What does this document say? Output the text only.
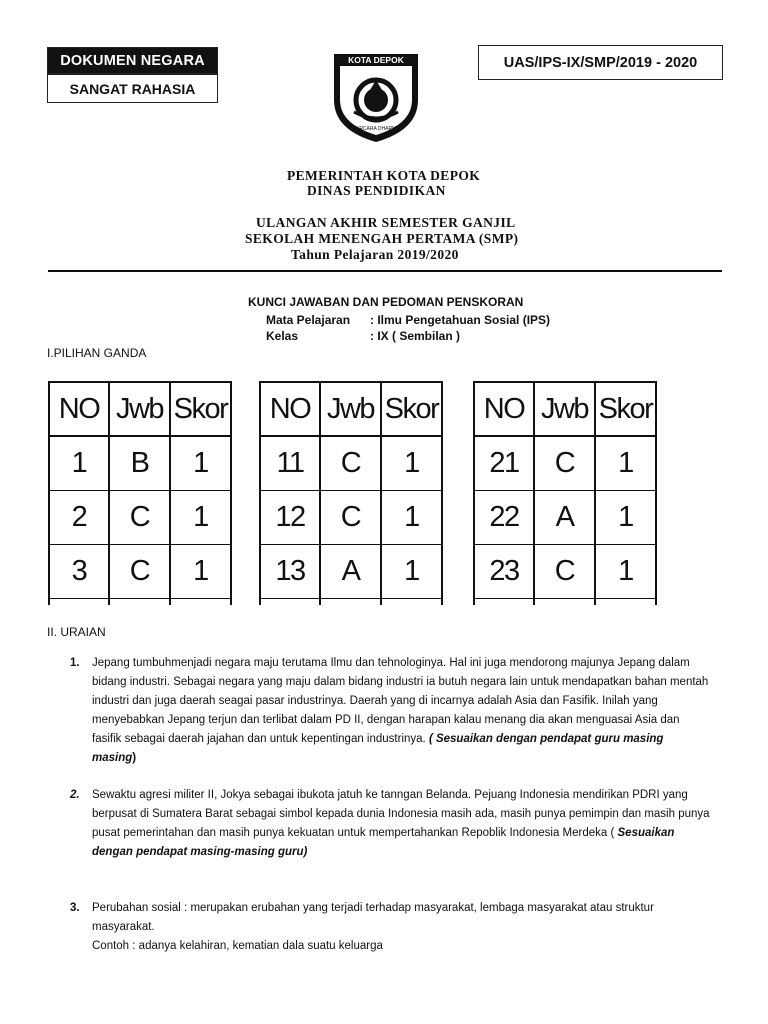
DOKUMEN NEGARA
SANGAT RAHASIA
UAS/IPS-IX/SMP/2019 - 2020
KOTA DEPOK
PURCARA DHARMA
PEMERINTAH KOTA DEPOK
DINAS PENDIDIKAN
ULANGAN AKHIR SEMESTER GANJIL
SEKOLAH MENENGAH PERTAMA (SMP)
Tahun Pelajaran 2019/2020
KUNCI JAWABAN DAN PEDOMAN PENSKORAN
Mata Pelajaran : Ilmu Pengetahuan Sosial (IPS)
Kelas	: IX ( Sembilan )
I.PILIHAN GANDA
NO	Jwb	Skor
1	B	1
2	C	1
3	C	1

NO	Jwb	Skor
11	C	1
12	C	1
13	A	1

NO	Jwb	Skor
21	C	1
22	A	1
23	C	1

II. URAIAN
1. Jepang tumbuhmenjadi negara maju terutama Ilmu dan tehnologinya. Hal ini juga mendorong majunya Jepang dalam bidang industri. Sebagai negara yang maju dalam bidang industri ia butuh negara lain untuk mendapatkan bahan mentah industri dan juga daerah seagai pasar industrinya. Daerah yang di incarnya adalah Asia dan Fasifik. Inilah yang menyebabkan Jepang terjun dan terlibat dalam PD II, dengan harapan kalau menang dia akan menguasai Asia dan fasifik sebagai daerah jajahan dan untuk kepentingan industrinya. ( Sesuaikan dengan pendapat guru masing masing)
2. Sewaktu agresi militer II, Jokya sebagai ibukota jatuh ke tanngan Belanda. Pejuang Indonesia mendirikan PDRI yang berpusat di Sumatera Barat sebagai simbol kepada dunia Indonesia masih ada, masih punya pemimpin dan masih punya pusat pemerintahan dan masih punya kekuatan untuk mempertahankan Repoblik Indonesia Merdeka ( Sesuaikan dengan pendapat masing-masing guru)
3. Perubahan sosial : merupakan erubahan yang terjadi terhadap masyarakat, lembaga masyarakat atau struktur masyarakat.
Contoh : adanya kelahiran, kematian dala suatu keluarga
